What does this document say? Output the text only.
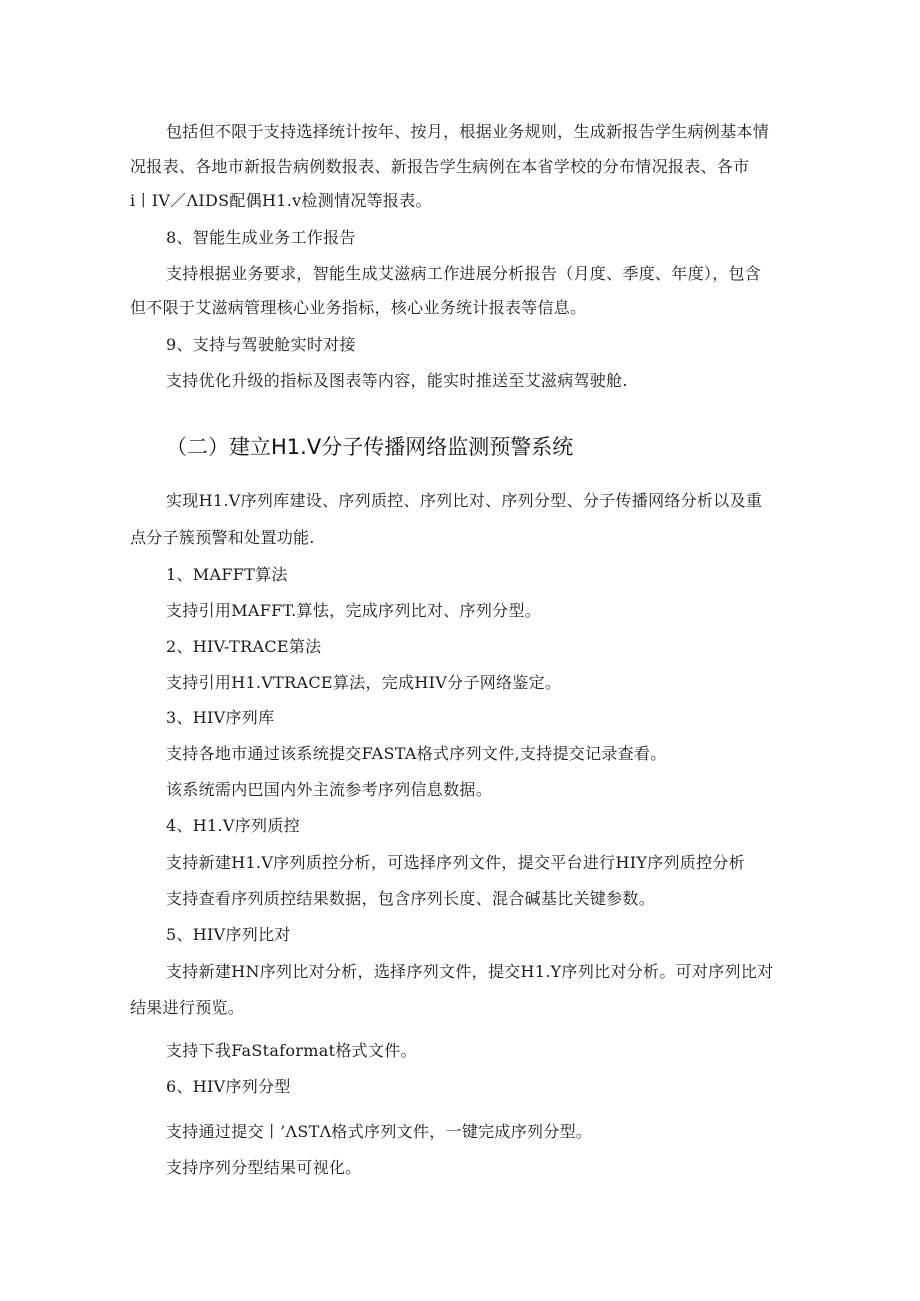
包括但不限于支持选择统计按年、按月，根据业务规则，生成新报告学生病例基本情
况报表、各地市新报告病例数报表、新报告学生病例在本省学校的分布情况报表、各市
i丨IV／ΛIDS配偶H1.v检测情况等报表。
8、智能生成业务工作报告
支持根据业务要求，智能生成艾滋病工作进展分析报告（月度、季度、年度），包含
但不限于艾滋病管理核心业务指标，核心业务统计报表等信息。
9、支持与驾驶舱实时对接
支持优化升级的指标及图表等内容，能实时推送至艾滋病驾驶舱.
（二）建立H1.V分子传播网络监测预警系统
实现H1.V序列库建设、序列质控、序列比对、序列分型、分子传播网络分析以及重
点分子簇预警和处置功能.
1、MAFFT算法
支持引用MAFFT.算怯，完成序列比对、序列分型。
2、HIV-TRACE第法
支持引用H1.VTRACE算法，完成HIV分子网络鉴定。
3、HIV序列库
支持各地市通过该系统提交FASTA格式序列文件,支持提交记录查看。
该系统需内巴国内外主流参考序列信息数据。
4、H1.V序列质控
支持新建H1.V序列质控分析，可选择序列文件，提交平台进行HIY序列质控分析
支持查看序列质控结果数据，包含序列长度、混合碱基比关键参数。
5、HIV序列比对
支持新建HN序列比对分析，选择序列文件，提交H1.Y序列比对分析。可对序列比对
结果进行预览。
支持下我FaStaformat格式文件。
6、HIV序列分型
支持通过提交丨’ΛSTΛ格式序列文件，一键完成序列分型。
支持序列分型结果可视化。
